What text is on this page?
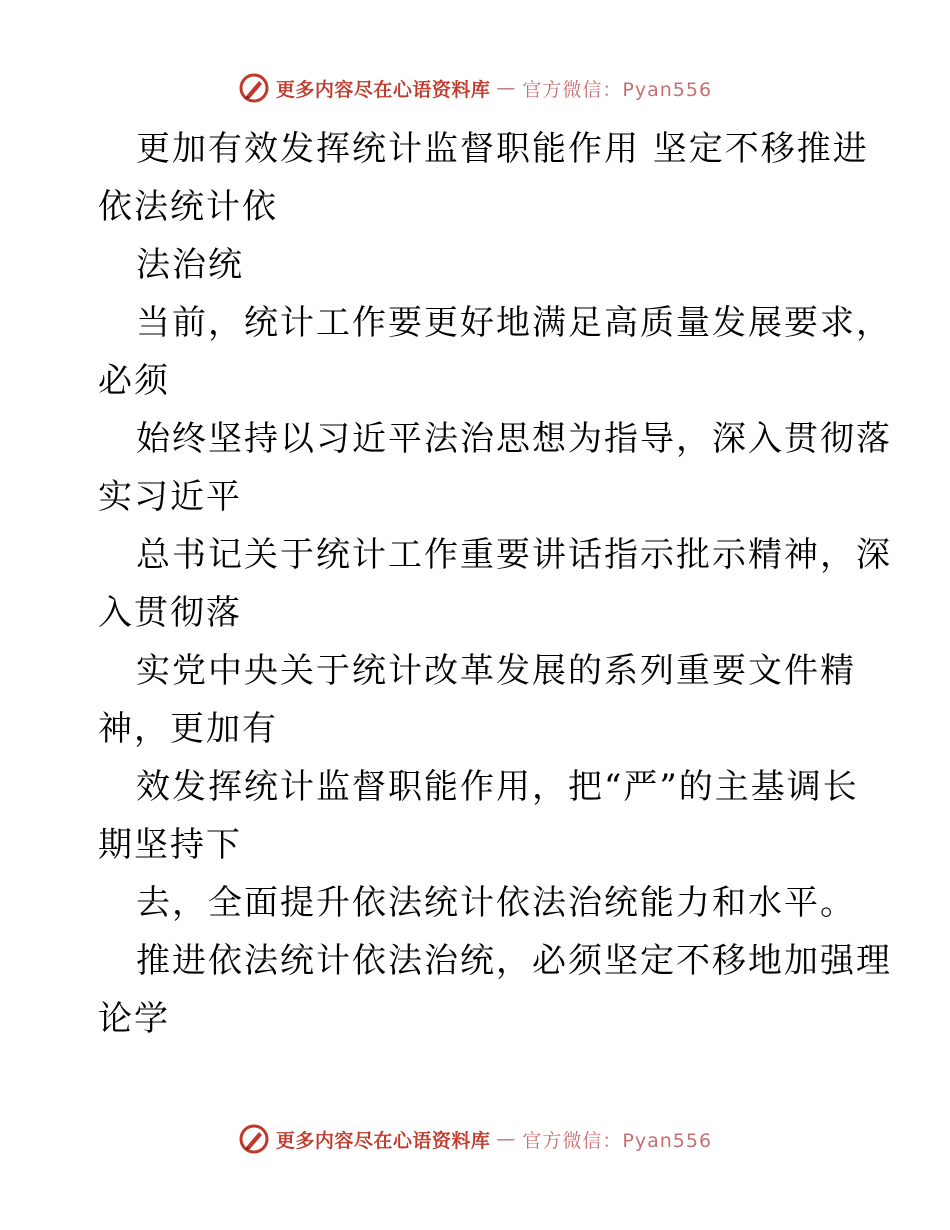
更多内容尽在心语资料库 — 官方微信：Pyan556
更加有效发挥统计监督职能作用 坚定不移推进
依法统计依
法治统
当前，统计工作要更好地满足高质量发展要求，
必须
始终坚持以习近平法治思想为指导，深入贯彻落
实习近平
总书记关于统计工作重要讲话指示批示精神，深
入贯彻落
实党中央关于统计改革发展的系列重要文件精
神，更加有
效发挥统计监督职能作用，把“严”的主基调长
期坚持下
去，全面提升依法统计依法治统能力和水平。
推进依法统计依法治统，必须坚定不移地加强理
论学
更多内容尽在心语资料库 — 官方微信：Pyan556
